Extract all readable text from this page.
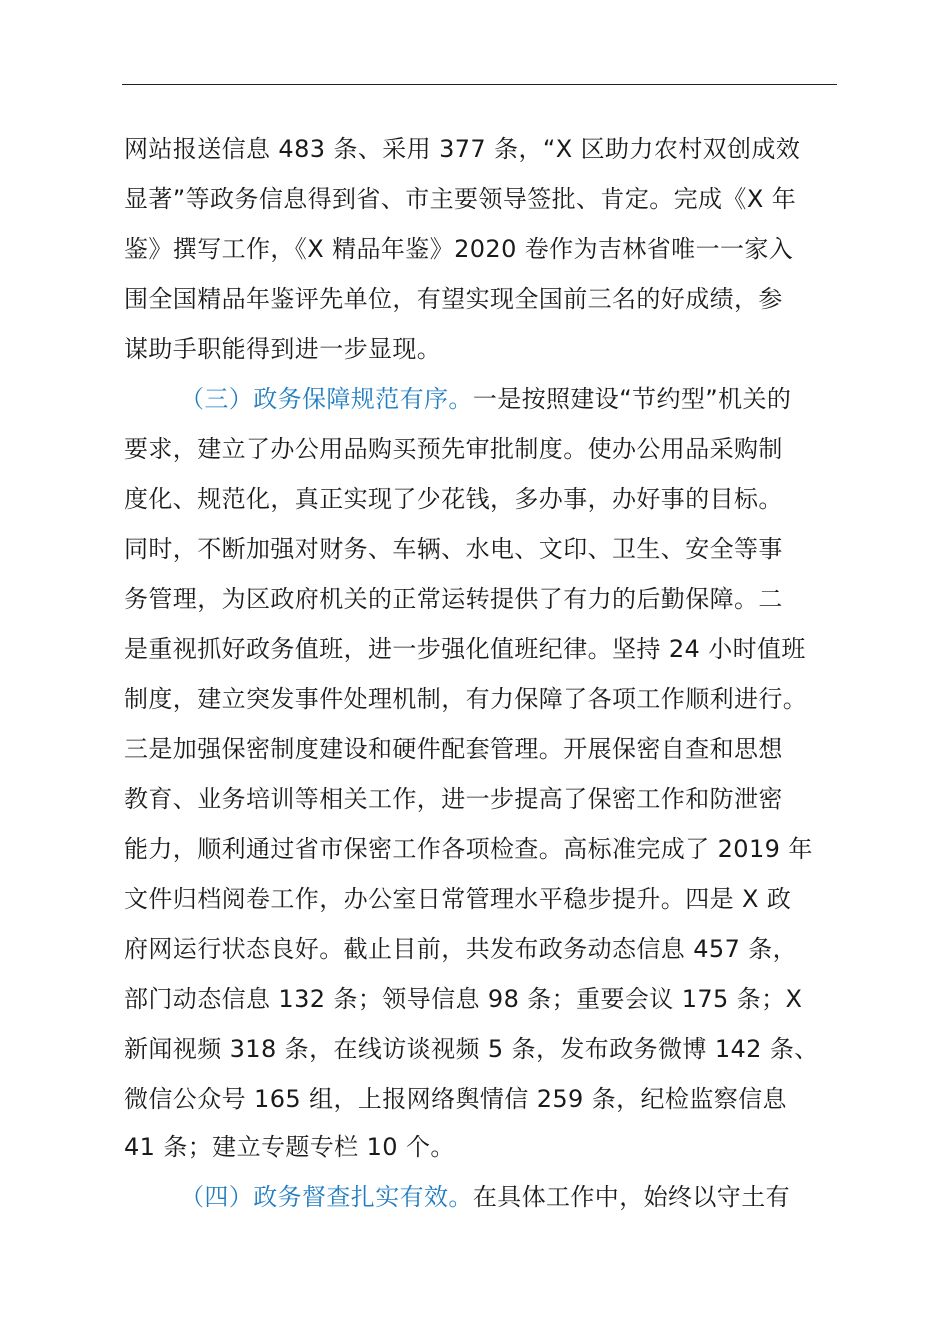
网站报送信息 483 条、采用 377 条，“X 区助力农村双创成效
显著”等政务信息得到省、市主要领导签批、肯定。完成《X 年
鉴》撰写工作，《X 精品年鉴》2020 卷作为吉林省唯一一家入
围全国精品年鉴评先单位，有望实现全国前三名的好成绩，参
谋助手职能得到进一步显现。
（三）政务保障规范有序。一是按照建设“节约型”机关的
要求，建立了办公用品购买预先审批制度。使办公用品采购制
度化、规范化，真正实现了少花钱，多办事，办好事的目标。
同时，不断加强对财务、车辆、水电、文印、卫生、安全等事
务管理，为区政府机关的正常运转提供了有力的后勤保障。二
是重视抓好政务值班，进一步强化值班纪律。坚持 24 小时值班
制度，建立突发事件处理机制，有力保障了各项工作顺利进行。
三是加强保密制度建设和硬件配套管理。开展保密自查和思想
教育、业务培训等相关工作，进一步提高了保密工作和防泄密
能力，顺利通过省市保密工作各项检查。高标准完成了 2019 年
文件归档阅卷工作，办公室日常管理水平稳步提升。四是 X 政
府网运行状态良好。截止目前，共发布政务动态信息 457 条，
部门动态信息 132 条；领导信息 98 条；重要会议 175 条；X
新闻视频 318 条，在线访谈视频 5 条，发布政务微博 142 条、
微信公众号 165 组，上报网络舆情信 259 条，纪检监察信息
41 条；建立专题专栏 10 个。
（四）政务督查扎实有效。在具体工作中，始终以守土有
